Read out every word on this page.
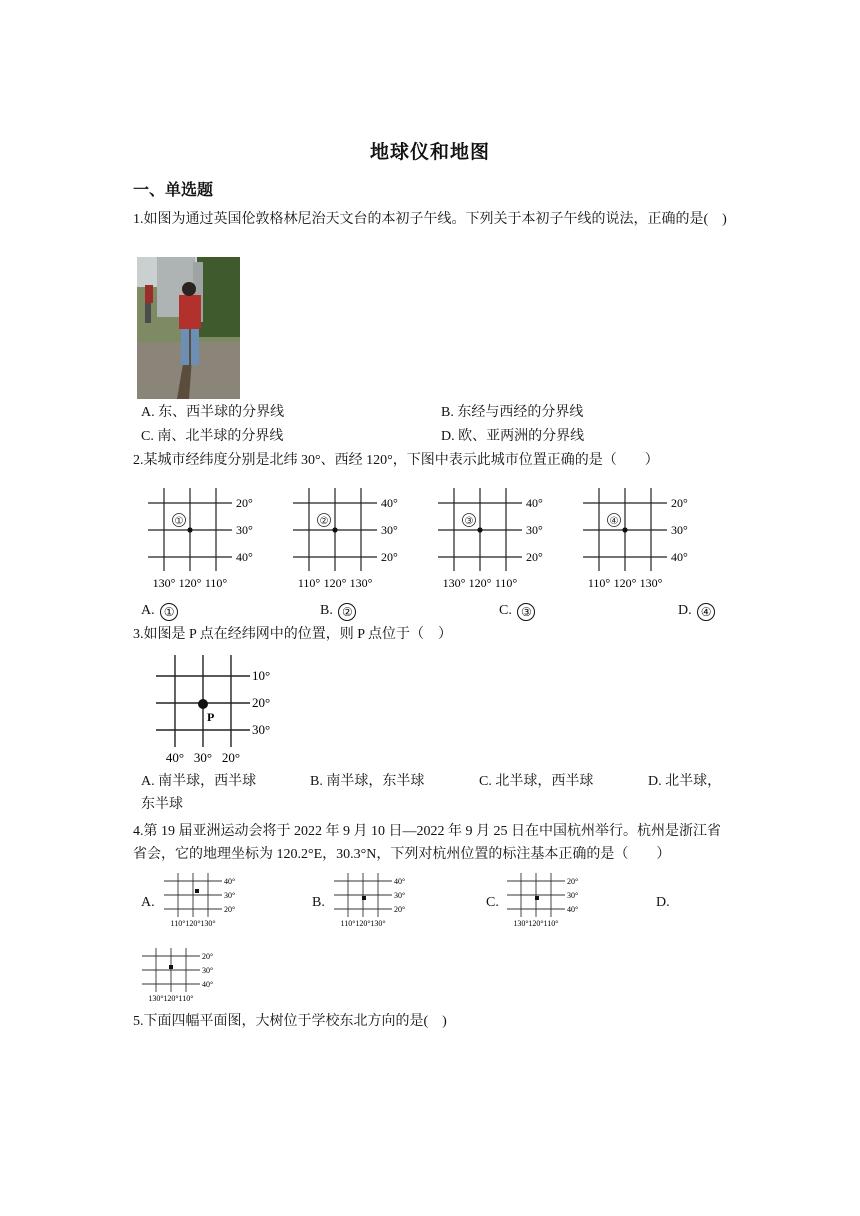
地球仪和地图
一、单选题
1.如图为通过英国伦敦格林尼治天文台的本初子午线。下列关于本初子午线的说法，正确的是(　)
A. 东、西半球的分界线	B. 东经与西经的分界线
C. 南、北半球的分界线	D. 欧、亚两洲的分界线
2.某城市经纬度分别是北纬 30°、西经 120°，下图中表示此城市位置正确的是（　　）
①
20°
30°
40°
130° 120° 110°
②
40°
30°
20°
110° 120° 130°
③
40°
30°
20°
130° 120° 110°
④
20°
30°
40°
110° 120° 130°
A. ①	B. ②	C. ③	D. ④
3.如图是 P 点在经纬网中的位置，则 P 点位于（　）
P
10°
20°
30°
40° 30° 20°
A. 南半球，西半球	B. 南半球，东半球	C. 北半球，西半球	D. 北半球，
东半球
4.第 19 届亚洲运动会将于 2022 年 9 月 10 日—2022 年 9 月 25 日在中国杭州举行。杭州是浙江省省会，它的地理坐标为 120.2°E，30.3°N，下列对杭州位置的标注基本正确的是（　　）
A.
40°
30°
20°
110° 120° 130°
B.
40°
30°
20°
110° 120° 130°
C.
20°
30°
40°
130° 120° 110°
D.
20°
30°
40°
130° 120° 110°
5.下面四幅平面图，大树位于学校东北方向的是(　)
